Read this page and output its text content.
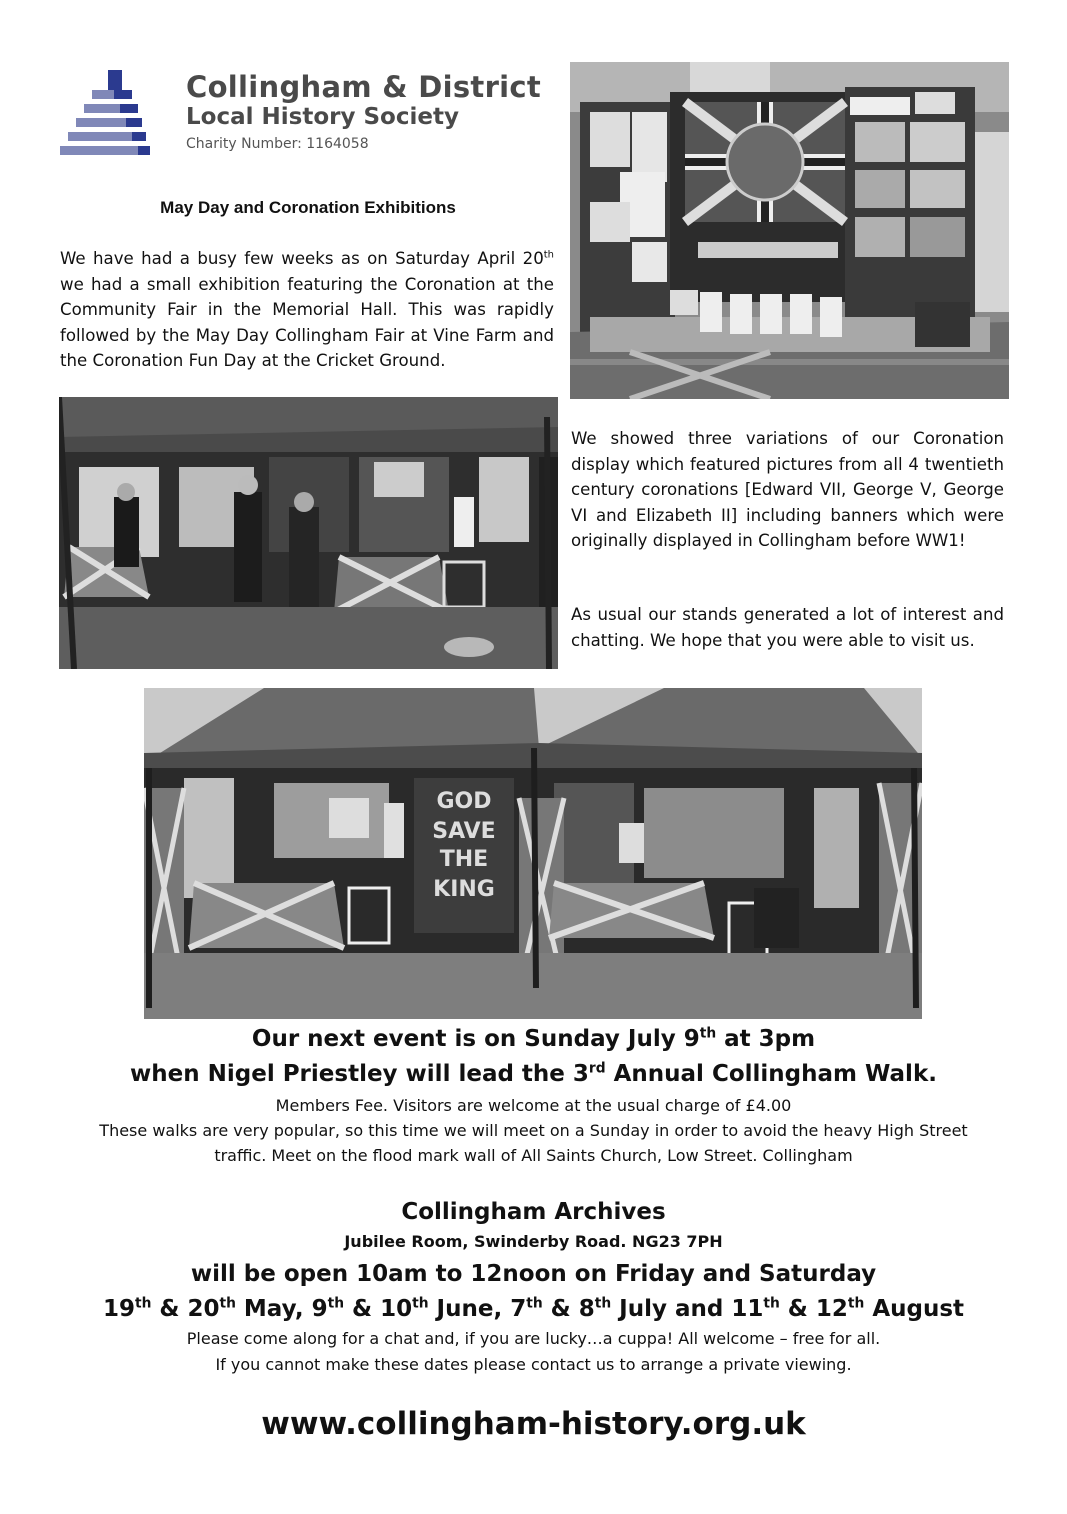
Collingham & District
Local History Society
Charity Number: 1164058
May Day and Coronation Exhibitions
We have had a busy few weeks as on Saturday April 20th we had a small exhibition featuring the Coronation at the Community Fair in the Memorial Hall. This was rapidly followed by the May Day Collingham Fair at Vine Farm and the Coronation Fun Day at the Cricket Ground.
We showed three variations of our Coronation display which featured pictures from all 4 twentieth century coronations [Edward VII, George V, George VI and Elizabeth II] including banners which were originally displayed in Collingham before WW1!
As usual our stands generated a lot of interest and chatting. We hope that you were able to visit us.
GOD
SAVE
THE
KING
Our next event is on Sunday July 9th at 3pm
when Nigel Priestley will lead the 3rd Annual Collingham Walk.
Members Fee. Visitors are welcome at the usual charge of £4.00
These walks are very popular, so this time we will meet on a Sunday in order to avoid the heavy High Street
traffic. Meet on the flood mark wall of All Saints Church, Low Street. Collingham
Collingham Archives
Jubilee Room, Swinderby Road. NG23 7PH
will be open 10am to 12noon on Friday and Saturday
19th & 20th May, 9th & 10th June, 7th & 8th July and 11th & 12th August
Please come along for a chat and, if you are lucky…a cuppa! All welcome – free for all.
If you cannot make these dates please contact us to arrange a private viewing.
www.collingham-history.org.uk
